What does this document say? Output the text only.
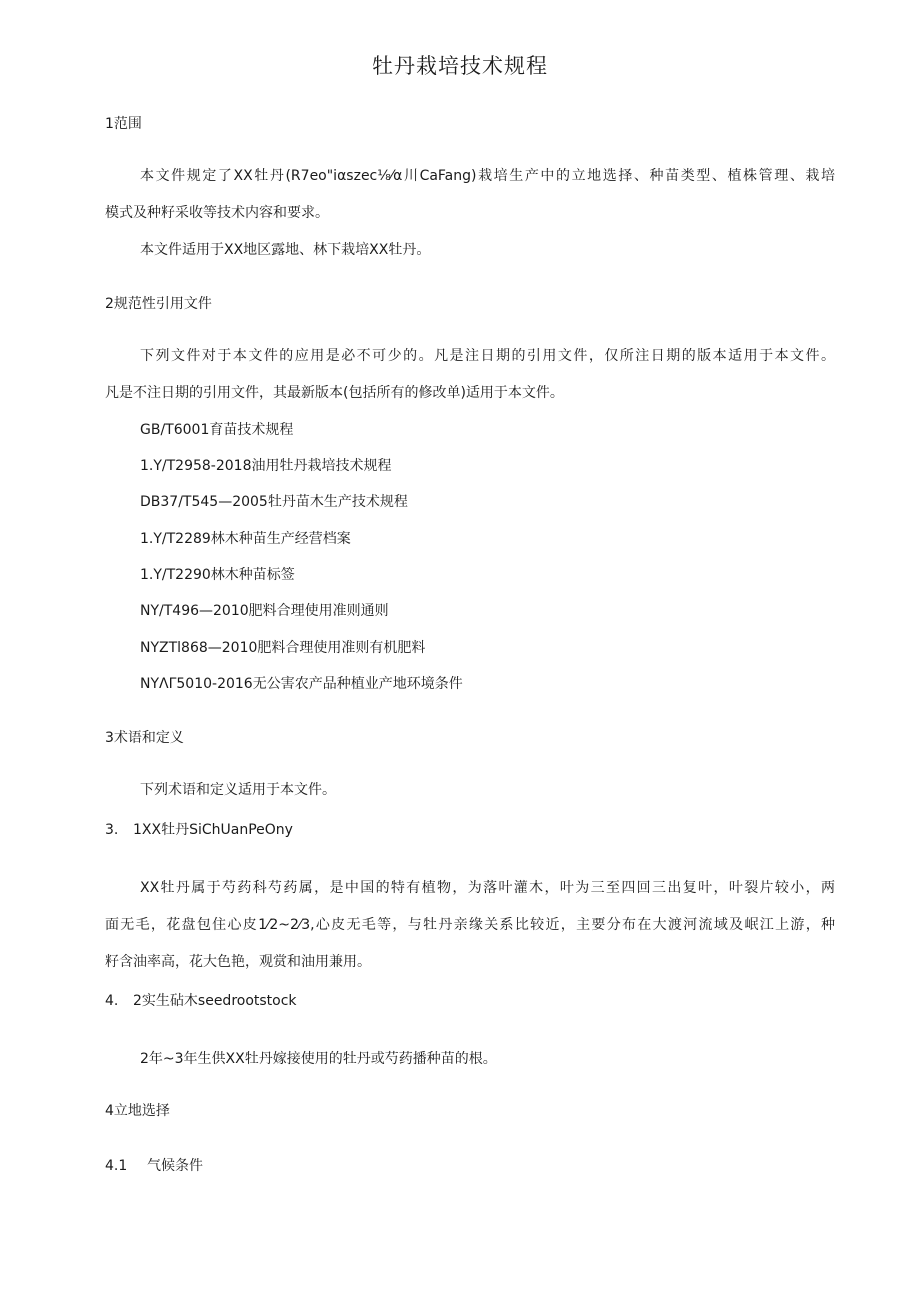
牡丹栽培技术规程
1范围
本文件规定了XX牡丹(R7eo"iαszec⅛⁄α川CaFang)栽培生产中的立地选择、种苗类型、植株管理、栽培
模式及种籽采收等技术内容和要求。
本文件适用于XX地区露地、林下栽培XX牡丹。
2规范性引用文件
下列文件对于本文件的应用是必不可少的。凡是注日期的引用文件，仅所注日期的版本适用于本文件。
凡是不注日期的引用文件，其最新版本(包括所有的修改单)适用于本文件。
GB/T6001育苗技术规程
1.Y/T2958-2018油用牡丹栽培技术规程
DB37/T545—2005牡丹苗木生产技术规程
1.Y/T2289林木种苗生产经营档案
1.Y/T2290林木种苗标签
NY/T496—2010肥料合理使用准则通则
NYZTl868—2010肥料合理使用准则有机肥料
NYΛΓ5010-2016无公害农产品种植业产地环境条件
3术语和定义
下列术语和定义适用于本文件。
3. 1XX牡丹SiChUanPeOny
XX牡丹属于芍药科芍药属，是中国的特有植物，为落叶灌木，叶为三至四回三出复叶，叶裂片较小，两
面无毛，花盘包住心皮1⁄2~2⁄3,心皮无毛等，与牡丹亲缘关系比较近，主要分布在大渡河流域及岷江上游，种
籽含油率高，花大色艳，观赏和油用兼用。
4. 2实生砧木seedrootstock
2年~3年生供XX牡丹嫁接使用的牡丹或芍药播种苗的根。
4立地选择
4.1 气候条件
